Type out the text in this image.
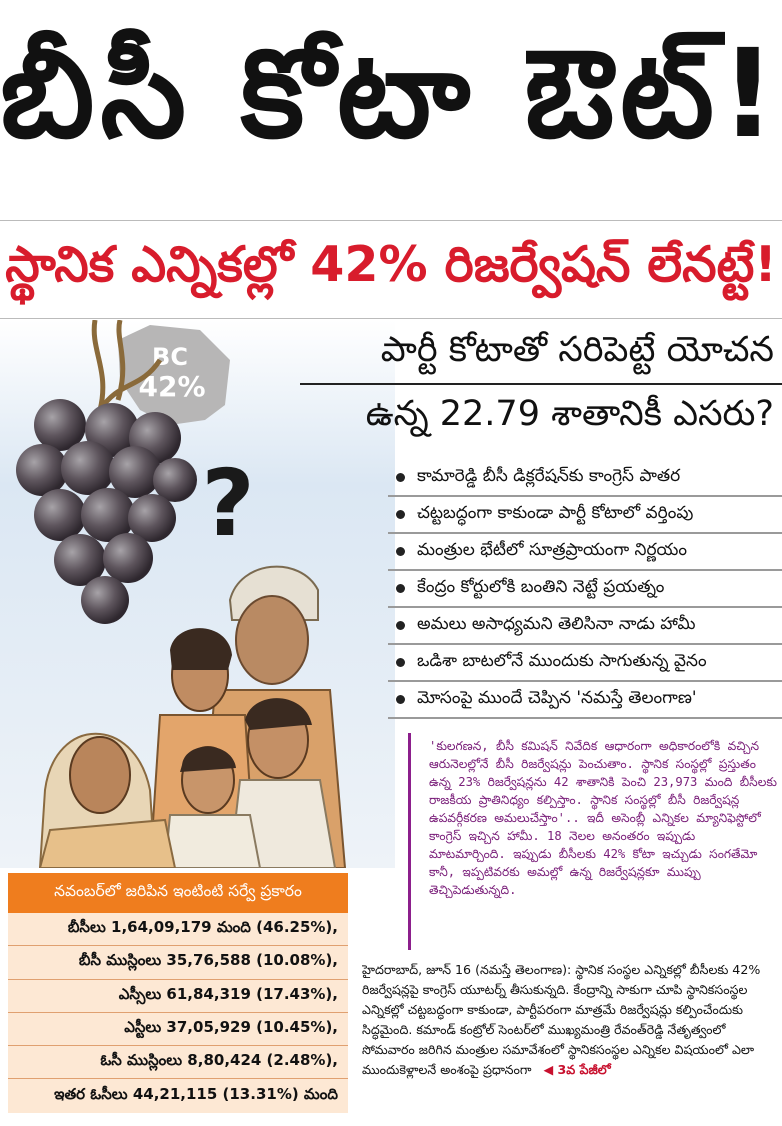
బీసీ కోటా ఔట్!
స్థానిక ఎన్నికల్లో 42% రిజర్వేషన్ లేనట్టే!
BC
42%
?
పార్టీ కోటాతో సరిపెట్టే యోచన
ఉన్న 22.79 శాతానికీ ఎసరు?
కామారెడ్డి బీసీ డిక్లరేషన్‌కు కాంగ్రెస్ పాతర
చట్టబద్ధంగా కాకుండా పార్టీ కోటాలో వర్తింపు
మంత్రుల భేటీలో సూత్రప్రాయంగా నిర్ణయం
కేంద్రం కోర్టులోకి బంతిని నెట్టే ప్రయత్నం
అమలు అసాధ్యమని తెలిసినా నాడు హామీ
ఒడిశా బాటలోనే ముందుకు సాగుతున్న వైనం
మోసంపై ముందే చెప్పిన 'నమస్తే తెలంగాణ'
'కులగణన, బీసీ కమిషన్ నివేదిక ఆధారంగా అధికారంలోకి వచ్చిన ఆరునెలల్లోనే బీసీ రిజర్వేషన్లు పెంచుతాం. స్థానిక సంస్థల్లో ప్రస్తుతం ఉన్న 23% రిజర్వేషన్లను 42 శాతానికి పెంచి 23,973 మంది బీసీలకు రాజకీయ ప్రాతినిధ్యం కల్పిస్తాం. స్థానిక సంస్థల్లో బీసీ రిజర్వేషన్ల ఉపవర్గీకరణ అమలుచేస్తాం'.. ఇదీ అసెంబ్లీ ఎన్నికల మ్యానిఫెస్టోలో కాంగ్రెస్ ఇచ్చిన హామీ. 18 నెలల అనంతరం ఇప్పుడు మాటమార్చింది. ఇప్పుడు బీసీలకు 42% కోటా ఇచ్చుడు సంగతేమో కానీ, ఇప్పటివరకు అమల్లో ఉన్న రిజర్వేషన్లకూ ముప్పు తెచ్చిపెడుతున్నది.
నవంబర్‌లో జరిపిన ఇంటింటి సర్వే ప్రకారం
బీసీలు 1,64,09,179 మంది (46.25%),
బీసీ ముస్లింలు 35,76,588 (10.08%),
ఎస్సీలు 61,84,319 (17.43%),
ఎస్టీలు 37,05,929 (10.45%),
ఓసీ ముస్లింలు 8,80,424 (2.48%),
ఇతర ఓసీలు 44,21,115 (13.31%) మంది
హైదరాబాద్, జూన్ 16 (నమస్తే తెలంగాణ): స్థానిక సంస్థల ఎన్నికల్లో బీసీలకు 42% రిజర్వేషన్లపై కాంగ్రెస్ యూటర్న్ తీసుకున్నది. కేంద్రాన్ని సాకుగా చూపి స్థానికసంస్థల ఎన్నికల్లో చట్టబద్ధంగా కాకుండా, పార్టీపరంగా మాత్రమే రిజర్వేషన్లు కల్పించేందుకు సిద్ధమైంది. కమాండ్ కంట్రోల్ సెంటర్‌లో ముఖ్యమంత్రి రేవంత్‌రెడ్డి నేతృత్వంలో సోమవారం జరిగిన మంత్రుల సమావేశంలో స్థానికసంస్థల ఎన్నికల విషయంలో ఎలా ముందుకెళ్లాలనే అంశంపై ప్రధానంగా ◀ 3వ పేజీలో
